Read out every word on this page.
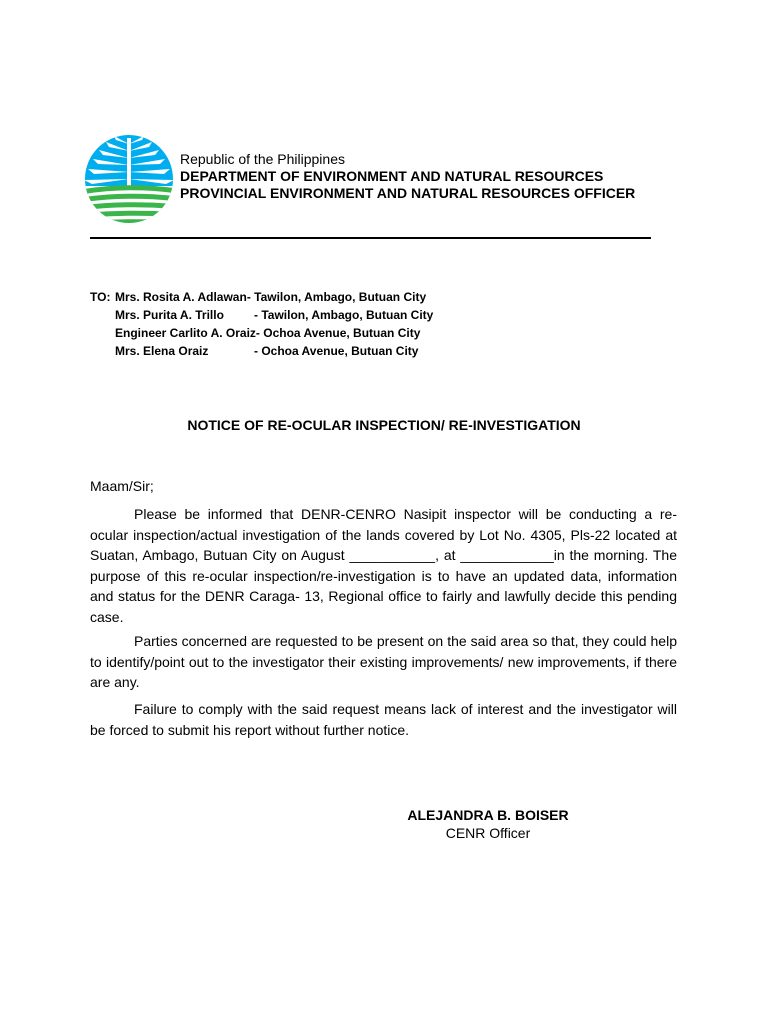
Republic of the Philippines
DEPARTMENT OF ENVIRONMENT AND NATURAL RESOURCES
PROVINCIAL ENVIRONMENT AND NATURAL RESOURCES OFFICER
TO: Mrs. Rosita A. Adlawan - Tawilon, Ambago, Butuan City
Mrs. Purita A. Trillo	- Tawilon, Ambago, Butuan City
Engineer Carlito A. Oraiz - Ochoa Avenue, Butuan City
Mrs. Elena Oraiz	- Ochoa Avenue, Butuan City
NOTICE OF RE-OCULAR INSPECTION/ RE-INVESTIGATION
Maam/Sir;

Please be informed that DENR-CENRO Nasipit inspector will be conducting a re- ocular inspection/actual investigation of the lands covered by Lot No. 4305, Pls-22 located at Suatan, Ambago, Butuan City on August ___________, at ____________in the morning. The purpose of this re-ocular inspection/re-investigation is to have an updated data, information and status for the DENR Caraga- 13, Regional office to fairly and lawfully decide this pending case.

Parties concerned are requested to be present on the said area so that, they could help to identify/point out to the investigator their existing improvements/ new improvements, if there are any.

Failure to comply with the said request means lack of interest and the investigator will be forced to submit his report without further notice.

ALEJANDRA B. BOISER
CENR Officer
